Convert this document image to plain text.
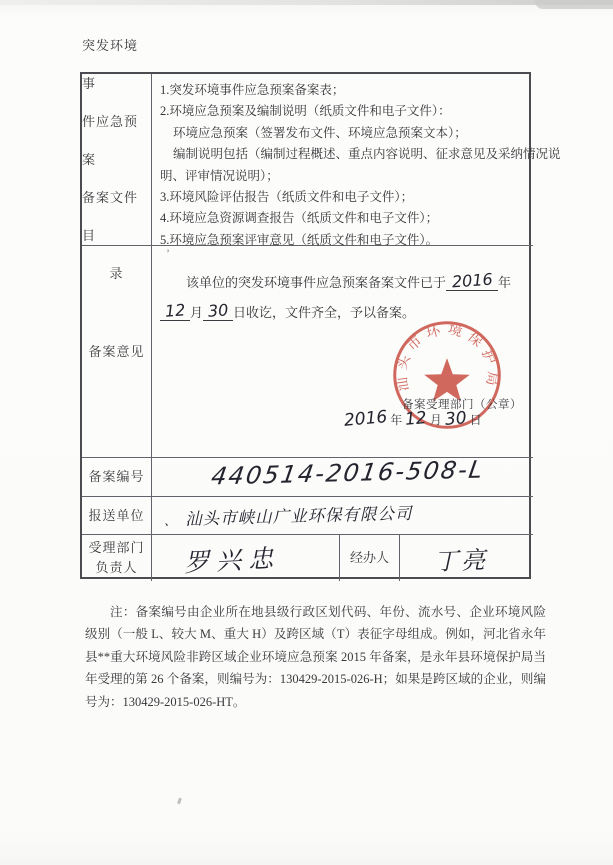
突发环境事
件应急预案
备案文件目
录
1.突发环境事件应急预案备案表；
2.环境应急预案及编制说明（纸质文件和电子文件）：
环境应急预案（签署发布文件、环境应急预案文本）；
编制说明包括（编制过程概述、重点内容说明、征求意见及采纳情况说
明、评审情况说明）；
3.环境风险评估报告（纸质文件和电子文件）；
4.环境应急资源调查报告（纸质文件和电子文件）；
5.环境应急预案评审意见（纸质文件和电子文件）。
备案意见
该单位的突发环境事件应急预案备案文件已于 2016 年12 月 30 日收讫，文件齐全，予以备案。
汕头市环境保护局
备案受理部门（公章）
2016 年 12 月 30 日
备案编号	440514-2016-508-L
报送单位 、 汕头市峡山广业环保有限公司
受理部门
负责人 罗兴忠	经办人 丁亮
’
注：备案编号由企业所在地县级行政区划代码、年份、流水号、企业环境风险级别（一般 L、较大 M、重大 H）及跨区域（T）表征字母组成。例如，河北省永年县**重大环境风险非跨区域企业环境应急预案 2015 年备案，是永年县环境保护局当年受理的第 26 个备案，则编号为：130429-2015-026-H；如果是跨区域的企业，则编号为：130429-2015-026-HT。
